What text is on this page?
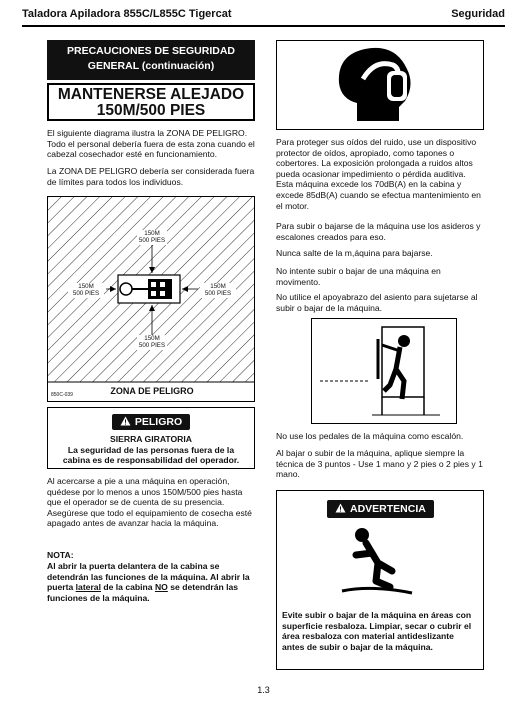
Taladora Apiladora 855C/L855C Tigercat	Seguridad
PRECAUCIONES DE SEGURIDAD
GENERAL (continuación)
MANTENERSE ALEJADO
150M/500 PIES
El siguiente diagrama ilustra la ZONA DE PELIGRO. Todo el personal debería fuera de esta zona cuando el cabezal cosechador esté en funcionamiento.
La ZONA DE PELIGRO debería ser considerada fuera de límites para todos los individuos.
150M
500 PIES
150M
500 PIES
150M
500 PIES
150M
500 PIES
850C-039	ZONA DE PELIGRO
PELIGRO
SIERRA GIRATORIA
La seguridad de las personas fuera de la cabina es de responsabilidad del operador.
Al acercarse a pie a una máquina en operación, quédese por lo menos a unos 150M/500 pies hasta que el operador se de cuenta de su presencia. Asegúrese que todo el equipamiento de cosecha esté apagado antes de avanzar hacia la máquina.
NOTA:
Al abrir la puerta delantera de la cabina se detendrán las funciones de la máquina. Al abrir la puerta lateral de la cabina NO se detendrán las funciones de la máquina.
Para proteger sus oídos del ruido, use un dispositivo protector de oídos, apropiado, como tapones o cobertores. La exposición prolongada a ruidos altos pueda ocasionar impedimiento o pérdida auditiva. Esta máquina excede los 70dB(A) en la cabina y excede 85dB(A) cuando se efectua mantenimiento en el motor.
Para subir o bajarse de la máquina use los asideros y escalones creados para eso.
Nunca salte de la m,áquina para bajarse.
No intente subir o bajar de una máquina en movimento.
No utilice el apoyabrazo del asiento para sujetarse al subir o bajar de la máquina.
No use los pedales de la máquina como escalón.
Al bajar o subir de la máquina, aplique siempre la técnica de 3 puntos - Use 1 mano y 2 pies o 2 pies y 1 mano.
ADVERTENCIA
Evite subir o bajar de la máquina en áreas con superficie resbaloza. Limpiar, secar o cubrir el área resbaloza con material antideslizante antes de subir o bajar de la máquina.
1.3
